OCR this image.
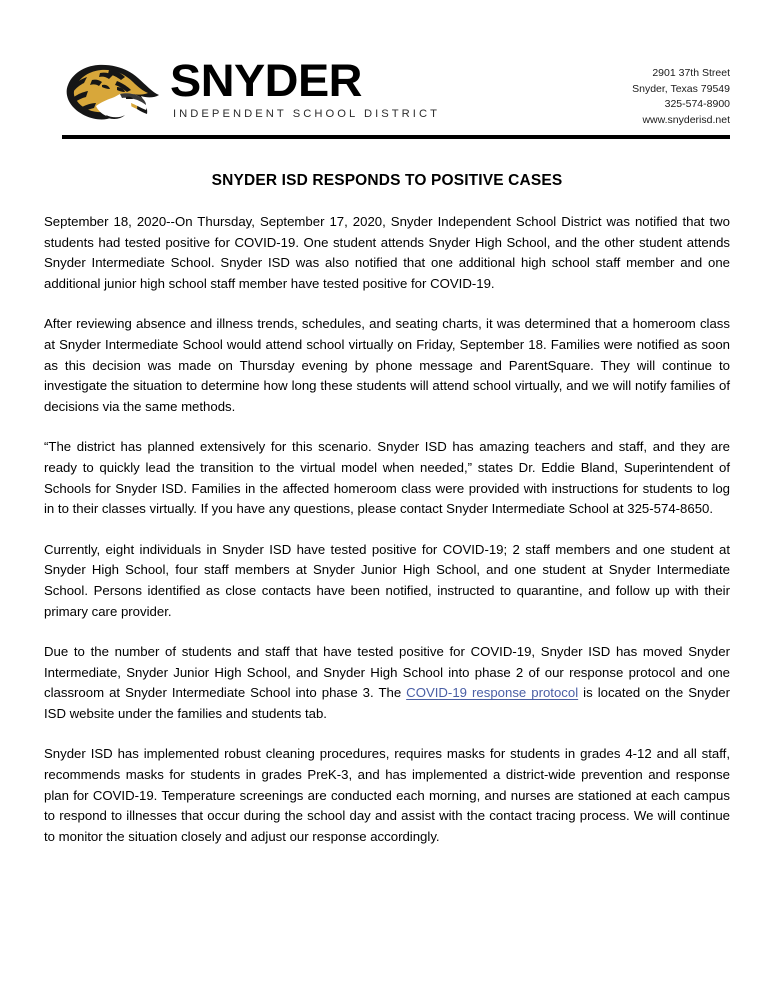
SNYDER
INDEPENDENT SCHOOL DISTRICT
2901 37th Street
Snyder, Texas 79549
325-574-8900
www.snyderisd.net
SNYDER ISD RESPONDS TO POSITIVE CASES

September 18, 2020--On Thursday, September 17, 2020, Snyder Independent School District was notified that two students had tested positive for COVID-19. One student attends Snyder High School, and the other student attends Snyder Intermediate School. Snyder ISD was also notified that one additional high school staff member and one additional junior high school staff member have tested positive for COVID-19.

After reviewing absence and illness trends, schedules, and seating charts, it was determined that a homeroom class at Snyder Intermediate School would attend school virtually on Friday, September 18. Families were notified as soon as this decision was made on Thursday evening by phone message and ParentSquare. They will continue to investigate the situation to determine how long these students will attend school virtually, and we will notify families of decisions via the same methods.

“The district has planned extensively for this scenario. Snyder ISD has amazing teachers and staff, and they are ready to quickly lead the transition to the virtual model when needed,” states Dr. Eddie Bland, Superintendent of Schools for Snyder ISD. Families in the affected homeroom class were provided with instructions for students to log in to their classes virtually. If you have any questions, please contact Snyder Intermediate School at 325-574-8650.

Currently, eight individuals in Snyder ISD have tested positive for COVID-19; 2 staff members and one student at Snyder High School, four staff members at Snyder Junior High School, and one student at Snyder Intermediate School. Persons identified as close contacts have been notified, instructed to quarantine, and follow up with their primary care provider.

Due to the number of students and staff that have tested positive for COVID-19, Snyder ISD has moved Snyder Intermediate, Snyder Junior High School, and Snyder High School into phase 2 of our response protocol and one classroom at Snyder Intermediate School into phase 3. The COVID-19 response protocol is located on the Snyder ISD website under the families and students tab.

Snyder ISD has implemented robust cleaning procedures, requires masks for students in grades 4-12 and all staff, recommends masks for students in grades PreK-3, and has implemented a district-wide prevention and response plan for COVID-19. Temperature screenings are conducted each morning, and nurses are stationed at each campus to respond to illnesses that occur during the school day and assist with the contact tracing process. We will continue to monitor the situation closely and adjust our response accordingly.
